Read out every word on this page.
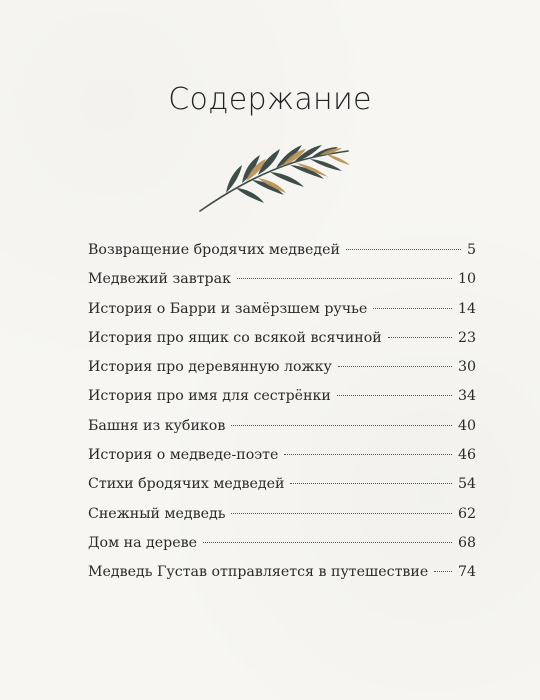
Содержание
Возвращение бродячих медведей	5
Медвежий завтрак	10
История о Барри и замёрзшем ручье	14
История про ящик со всякой всячиной	23
История про деревянную ложку	30
История про имя для сестрёнки	34
Башня из кубиков	40
История о медведе-поэте	46
Стихи бродячих медведей	54
Снежный медведь	62
Дом на дереве	68
Медведь Густав отправляется в путешествие 74
